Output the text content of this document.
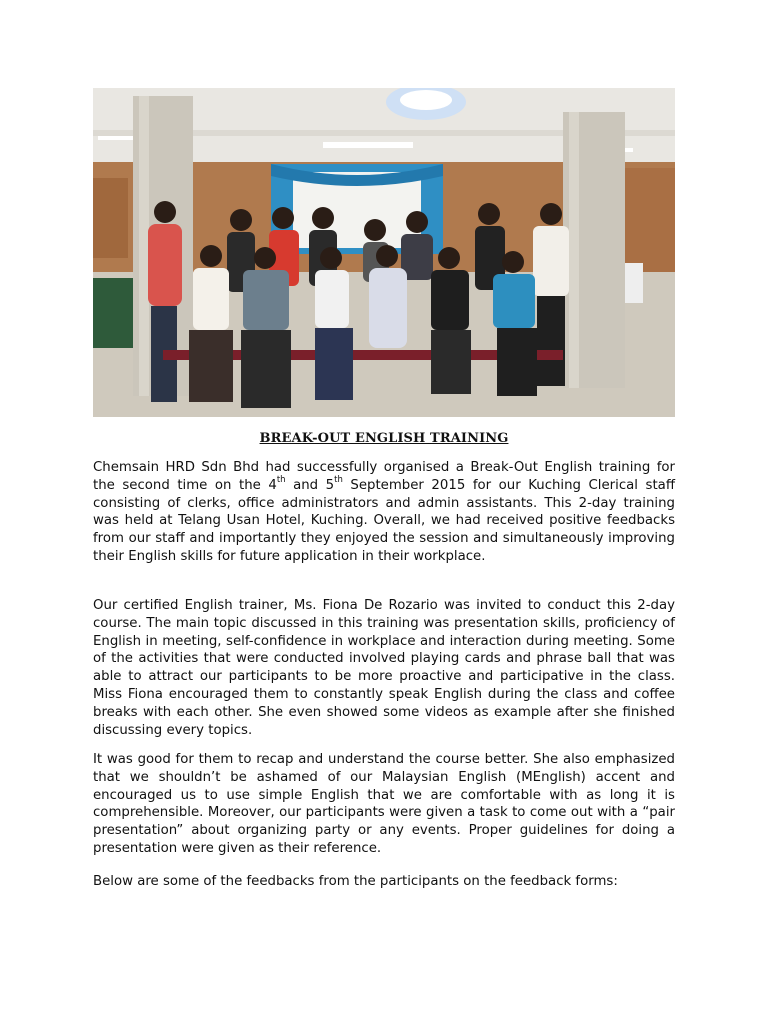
BREAK-OUT ENGLISH TRAINING
Chemsain HRD Sdn Bhd had successfully organised a Break-Out English training for the second time on the 4th and 5th September 2015 for our Kuching Clerical staff consisting of clerks, office administrators and admin assistants. This 2-day training was held at Telang Usan Hotel, Kuching. Overall, we had received positive feedbacks from our staff and importantly they enjoyed the session and simultaneously improving their English skills for future application in their workplace.
Our certified English trainer, Ms. Fiona De Rozario was invited to conduct this 2-day course. The main topic discussed in this training was presentation skills, proficiency of English in meeting, self-confidence in workplace and interaction during meeting. Some of the activities that were conducted involved playing cards and phrase ball that was able to attract our participants to be more proactive and participative in the class. Miss Fiona encouraged them to constantly speak English during the class and coffee breaks with each other. She even showed some videos as example after she finished discussing every topics.
It was good for them to recap and understand the course better. She also emphasized that we shouldn’t be ashamed of our Malaysian English (MEnglish) accent and encouraged us to use simple English that we are comfortable with as long it is comprehensible. Moreover, our participants were given a task to come out with a “pair presentation” about organizing party or any events. Proper guidelines for doing a presentation were given as their reference.
Below are some of the feedbacks from the participants on the feedback forms:
